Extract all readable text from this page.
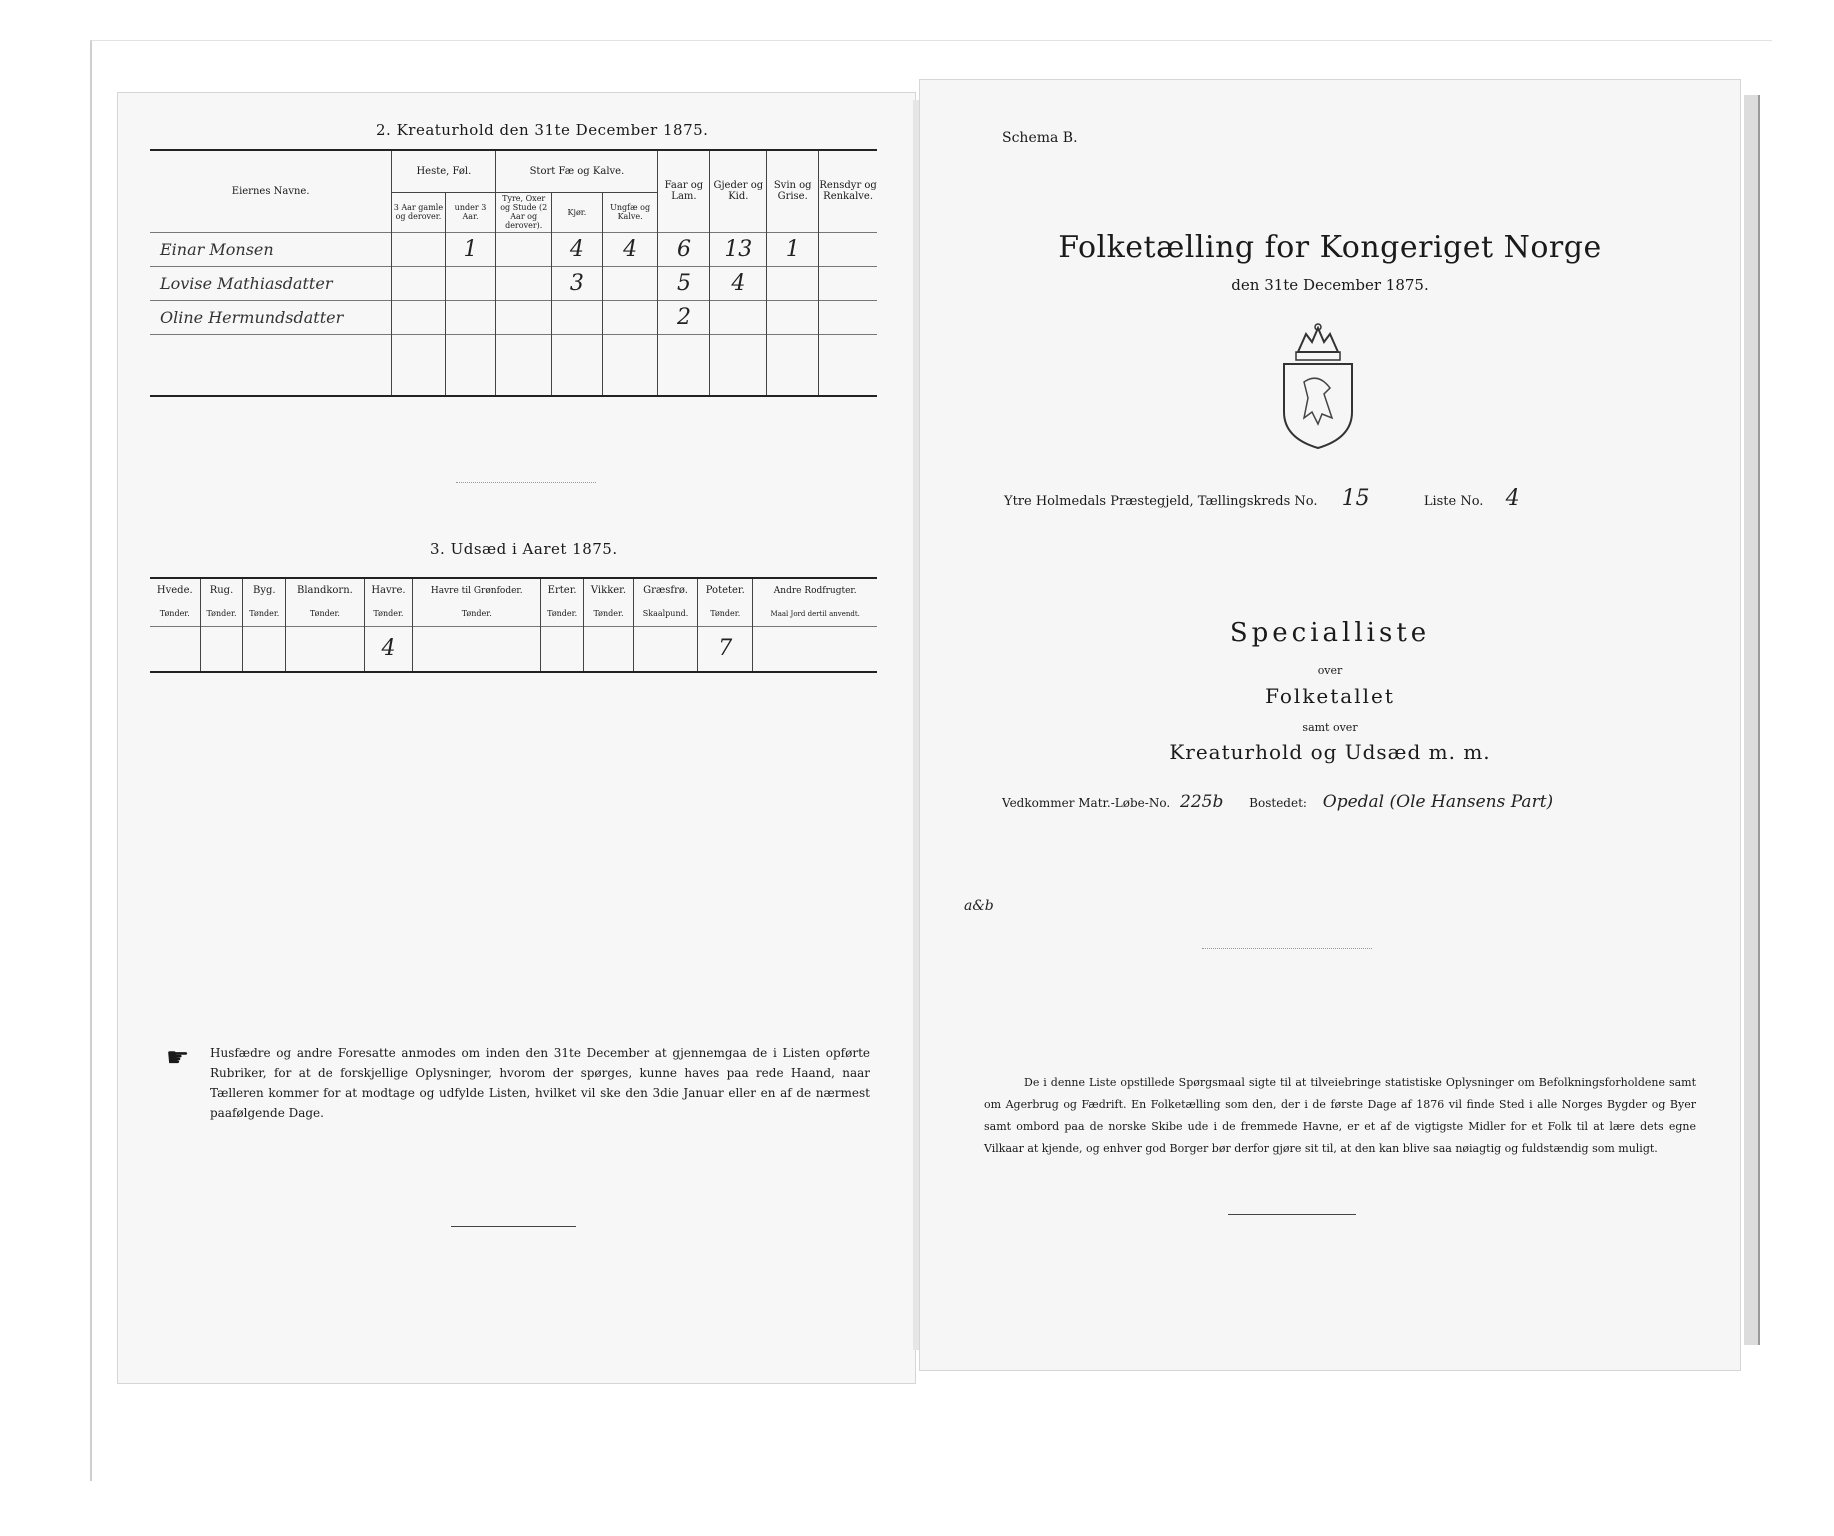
2. Kreaturhold den 31te December 1875.
Eiernes Navne.	Heste, Føl.		Stort Fæ og Kalve.			Faar og Lam.	Gjeder og Kid.	Svin og Grise.	Rensdyr og Renkalve.
	3 Aar gamle og derover.	under 3 Aar.	Tyre, Oxer og Stude (2 Aar og derover).	Kjør.	Ungfæ og Kalve.				
Einar Monsen		1		4	4	6	13	1	
Lovise Mathiasdatter				3		5	4		
Oline Hermundsdatter						2			

3. Udsæd i Aaret 1875.
Hvede.	Rug.	Byg.	Blandkorn.	Havre.	Havre til Grønfoder.	Erter.	Vikker.	Græsfrø.	Poteter.	Andre Rodfrugter.
Tønder.	Tønder.	Tønder.	Tønder.	Tønder.	Tønder.	Tønder.	Tønder.	Skaalpund.	Tønder.	Maal Jord dertil anvendt.
				4					7	
☛ Husfædre og andre Foresatte anmodes om inden den 31te December at gjennemgaa de i Listen opførte Rubriker, for at de forskjellige Oplysninger, hvorom der spørges, kunne haves paa rede Haand, naar Tælleren kommer for at modtage og udfylde Listen, hvilket vil ske den 3die Januar eller en af de nærmest paafølgende Dage.
Schema B.
Folketælling for Kongeriget Norge
den 31te December 1875.
Ytre Holmedals Præstegjeld, Tællingskreds No. 15	Liste No. 4
Specialliste
over
Folketallet
samt over
Kreaturhold og Udsæd m. m.
Vedkommer Matr.-Løbe-No. 225b Bostedet: Opedal (Ole Hansens Part)
a&b
De i denne Liste opstillede Spørgsmaal sigte til at tilveiebringe statistiske Oplysninger om Befolkningsforholdene samt om Agerbrug og Fædrift. En Folketælling som den, der i de første Dage af 1876 vil finde Sted i alle Norges Bygder og Byer samt ombord paa de norske Skibe ude i de fremmede Havne, er et af de vigtigste Midler for et Folk til at lære dets egne Vilkaar at kjende, og enhver god Borger bør derfor gjøre sit til, at den kan blive saa nøiagtig og fuldstændig som muligt.
